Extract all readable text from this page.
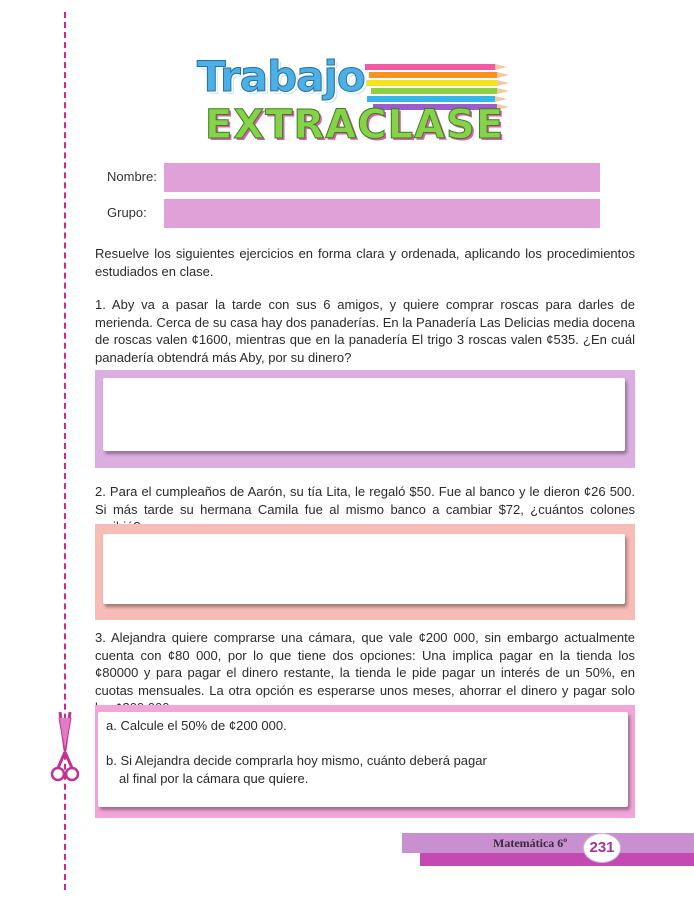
Trabajo
EXTRACLASE
Nombre:
Grupo:

Resuelve los siguientes ejercicios en forma clara y ordenada, aplicando los procedimientos estudiados en clase.

1. Aby va a pasar la tarde con sus 6 amigos, y quiere comprar roscas para darles de merienda. Cerca de su casa hay dos panaderías. En la Panadería Las Delicias media docena de roscas valen ¢1600, mientras que en la panadería El trigo 3 roscas valen ¢535. ¿En cuál panadería obtendrá más Aby, por su dinero?

2. Para el cumpleaños de Aarón, su tía Lita, le regaló $50. Fue al banco y le dieron ¢26 500. Si más tarde su hermana Camila fue al mismo banco a cambiar $72, ¿cuántos colones

3. Alejandra quiere comprarse una cámara, que vale ¢200 000, sin embargo actualmente cuenta con ¢80 000, por lo que tiene dos opciones: Una implica pagar en la tienda los ¢80000 y para pagar el dinero restante, la tienda le pide pagar un interés de un 50%, en cuotas mensuales. La otra opción es esperarse unos meses, ahorrar el dinero y pagar solo

a. Calcule el 50% de ¢200 000.

b. Si Alejandra decide comprarla hoy mismo, cuánto deberá pagar

al final por la cámara que quiere.

Matemática 6º	231
